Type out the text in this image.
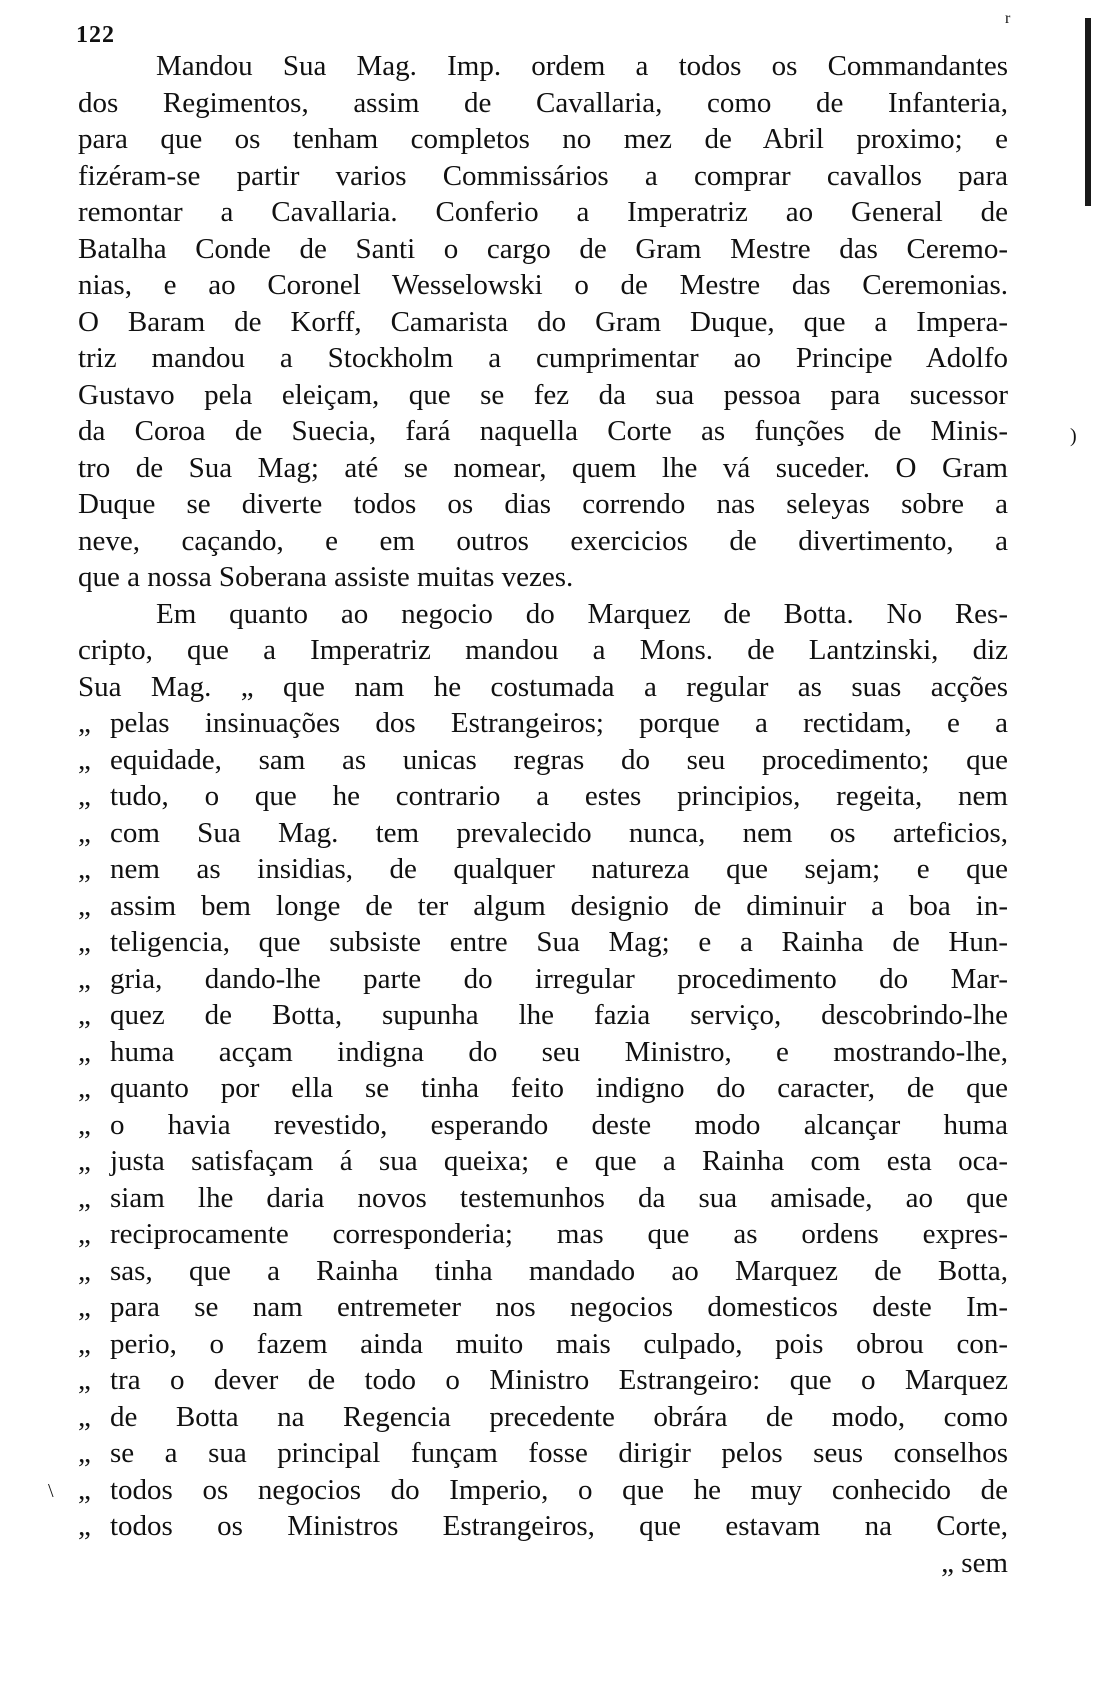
122
r
)
\
Mandou Sua Mag. Imp. ordem a todos os Commandantes
dos Regimentos, assim de Cavallaria, como de Infanteria,
para que os tenham completos no mez de Abril proximo; e
fizéram-se partir varios Commissários a comprar cavallos para
remontar a Cavallaria. Conferio a Imperatriz ao General de
Batalha Conde de Santi o cargo de Gram Mestre das Ceremo-
nias, e ao Coronel Wesselowski o de Mestre das Ceremonias.
O Baram de Korff, Camarista do Gram Duque, que a Impera-
triz mandou a Stockholm a cumprimentar ao Principe Adolfo
Gustavo pela eleiçam, que se fez da sua pessoa para sucessor
da Coroa de Suecia, fará naquella Corte as funções de Minis-
tro de Sua Mag; até se nomear, quem lhe vá suceder. O Gram
Duque se diverte todos os dias correndo nas seleyas sobre a
neve, caçando, e em outros exercicios de divertimento, a
que a nossa Soberana assiste muitas vezes.
Em quanto ao negocio do Marquez de Botta. No Res-
cripto, que a Imperatriz mandou a Mons. de Lantzinski, diz
Sua Mag. „ que nam he costumada a regular as suas acções
„ pelas insinuações dos Estrangeiros; porque a rectidam, e a
„ equidade, sam as unicas regras do seu procedimento; que
„ tudo, o que he contrario a estes principios, regeita, nem
„ com Sua Mag. tem prevalecido nunca, nem os arteficios,
„ nem as insidias, de qualquer natureza que sejam; e que
„ assim bem longe de ter algum designio de diminuir a boa in-
„ teligencia, que subsiste entre Sua Mag; e a Rainha de Hun-
„ gria, dando-lhe parte do irregular procedimento do Mar-
„ quez de Botta, supunha lhe fazia serviço, descobrindo-lhe
„ huma acçam indigna do seu Ministro, e mostrando-lhe,
„ quanto por ella se tinha feito indigno do caracter, de que
„ o havia revestido, esperando deste modo alcançar huma
„ justa satisfaçam á sua queixa; e que a Rainha com esta oca-
„ siam lhe daria novos testemunhos da sua amisade, ao que
„ reciprocamente corresponderia; mas que as ordens expres-
„ sas, que a Rainha tinha mandado ao Marquez de Botta,
„ para se nam entremeter nos negocios domesticos deste Im-
„ perio, o fazem ainda muito mais culpado, pois obrou con-
„ tra o dever de todo o Ministro Estrangeiro: que o Marquez
„ de Botta na Regencia precedente obrára de modo, como
„ se a sua principal funçam fosse dirigir pelos seus conselhos
„ todos os negocios do Imperio, o que he muy conhecido de
„ todos os Ministros Estrangeiros, que estavam na Corte,
„ sem
